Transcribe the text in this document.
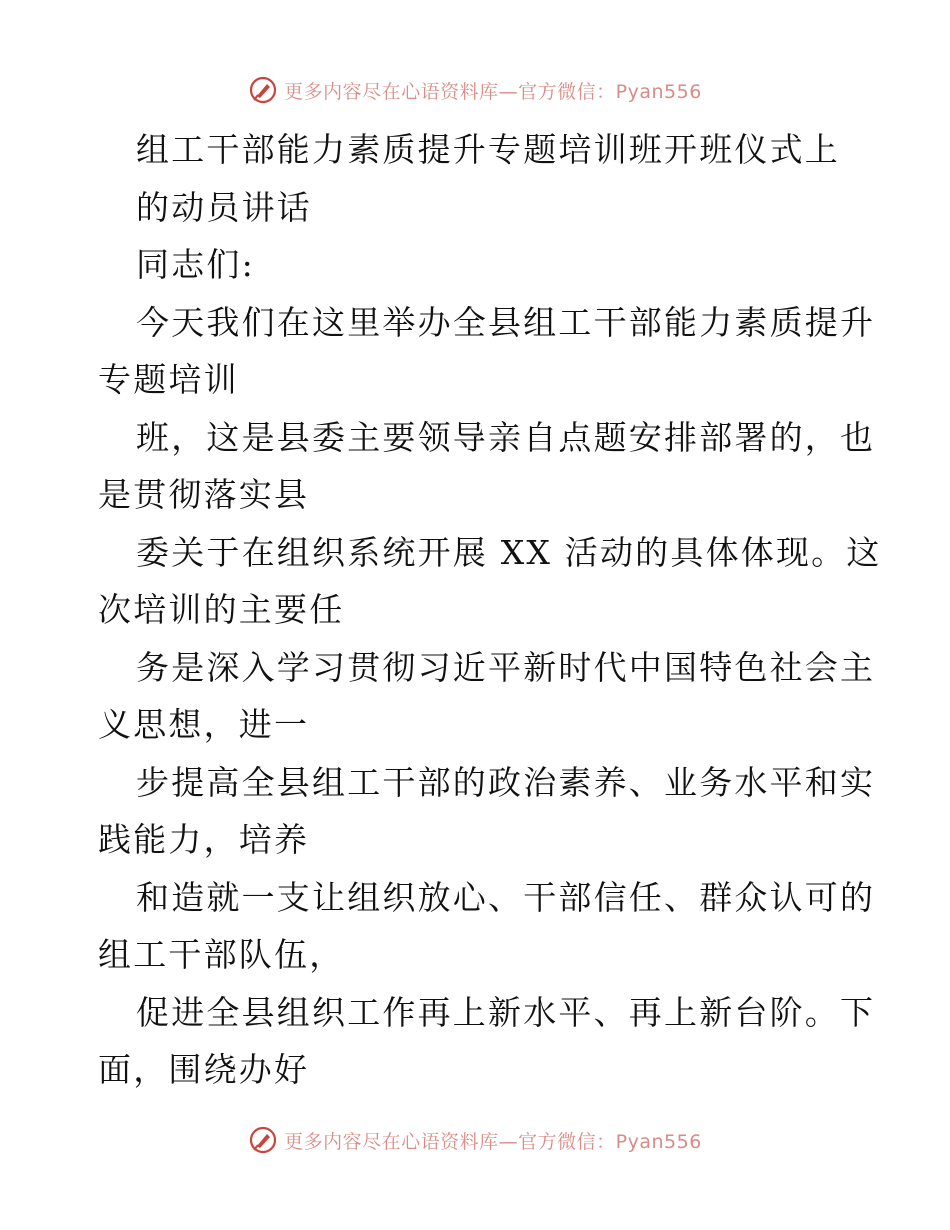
更多内容尽在心语资料库—官方微信：Pyan556
组工干部能力素质提升专题培训班开班仪式上
的动员讲话
同志们:
今天我们在这里举办全县组工干部能力素质提升
专题培训
班，这是县委主要领导亲自点题安排部署的，也
是贯彻落实县
委关于在组织系统开展 XX 活动的具体体现。这
次培训的主要任
务是深入学习贯彻习近平新时代中国特色社会主
义思想，进一
步提高全县组工干部的政治素养、业务水平和实
践能力，培养
和造就一支让组织放心、干部信任、群众认可的
组工干部队伍，
促进全县组织工作再上新水平、再上新台阶。下
面，围绕办好
更多内容尽在心语资料库—官方微信：Pyan556
